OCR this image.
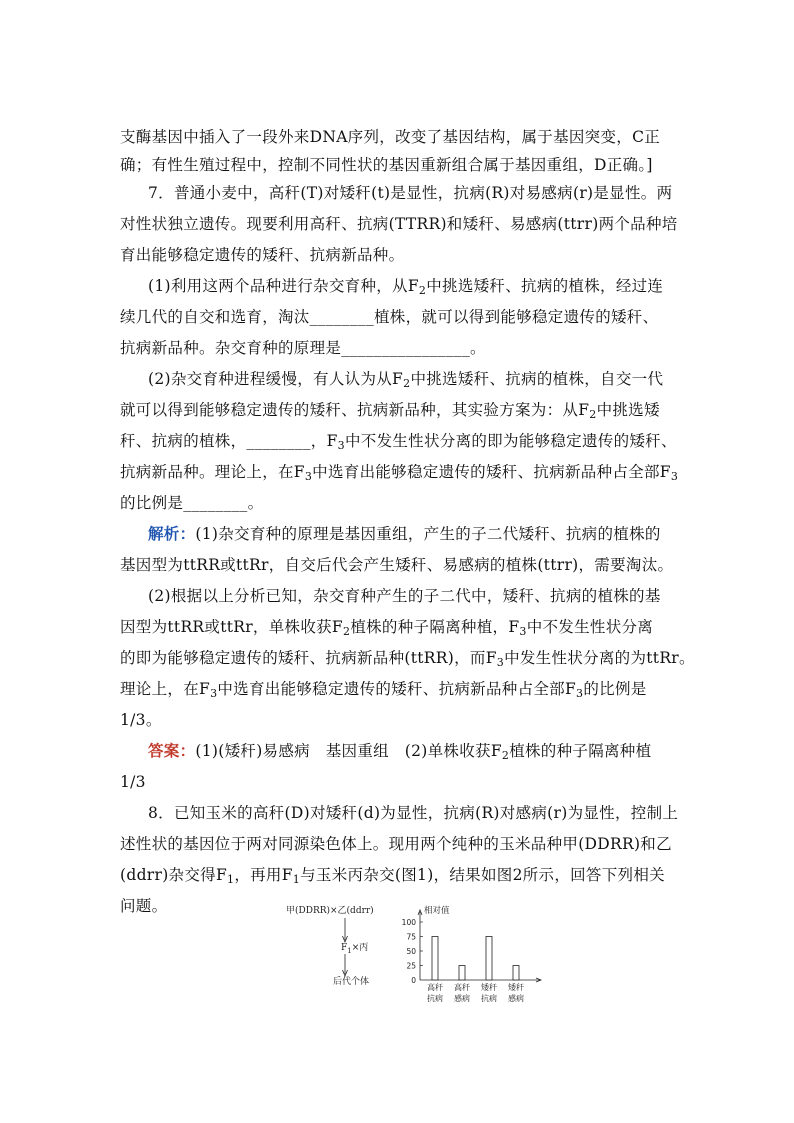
支酶基因中插入了一段外来DNA序列，改变了基因结构，属于基因突变，C正
确；有性生殖过程中，控制不同性状的基因重新组合属于基因重组，D正确。]
7．普通小麦中，高秆(T)对矮秆(t)是显性，抗病(R)对易感病(r)是显性。两
对性状独立遗传。现要利用高秆、抗病(TTRR)和矮秆、易感病(ttrr)两个品种培
育出能够稳定遗传的矮秆、抗病新品种。
(1)利用这两个品种进行杂交育种，从$F_2$中挑选矮秆、抗病的植株，经过连
续几代的自交和选育，淘汰________植株，就可以得到能够稳定遗传的矮秆、
抗病新品种。杂交育种的原理是________________。
(2)杂交育种进程缓慢，有人认为从$F_2$中挑选矮秆、抗病的植株，自交一代
就可以得到能够稳定遗传的矮秆、抗病新品种，其实验方案为：从$F_2$中挑选矮
秆、抗病的植株，________，$F_3$中不发生性状分离的即为能够稳定遗传的矮秆、
抗病新品种。理论上，在$F_3$中选育出能够稳定遗传的矮秆、抗病新品种占全部$F_3$
的比例是________。
解析：(1)杂交育种的原理是基因重组，产生的子二代矮秆、抗病的植株的
基因型为ttRR或ttRr，自交后代会产生矮秆、易感病的植株(ttrr)，需要淘汰。
(2)根据以上分析已知，杂交育种产生的子二代中，矮秆、抗病的植株的基
因型为ttRR或ttRr，单株收获$F_2$植株的种子隔离种植，$F_3$中不发生性状分离
的即为能够稳定遗传的矮秆、抗病新品种(ttRR)，而$F_3$中发生性状分离的为ttRr。
理论上，在$F_3$中选育出能够稳定遗传的矮秆、抗病新品种占全部$F_3$的比例是
1/3。
答案：(1)(矮秆)易感病　基因重组　(2)单株收获$F_2$植株的种子隔离种植
1/3
8．已知玉米的高秆(D)对矮秆(d)为显性，抗病(R)对感病(r)为显性，控制上
述性状的基因位于两对同源染色体上。现用两个纯种的玉米品种甲(DDRR)和乙
(ddrr)杂交得$F_1$，再用$F_1$与玉米丙杂交(图1)，结果如图2所示，回答下列相关
问题。	甲(DDRR)×乙(ddrr)
$F_1\times$丙
后代个体
相对值
100
75
50
25
0
高秆
抗病
高秆
感病
矮秆
抗病
矮秆
感病
